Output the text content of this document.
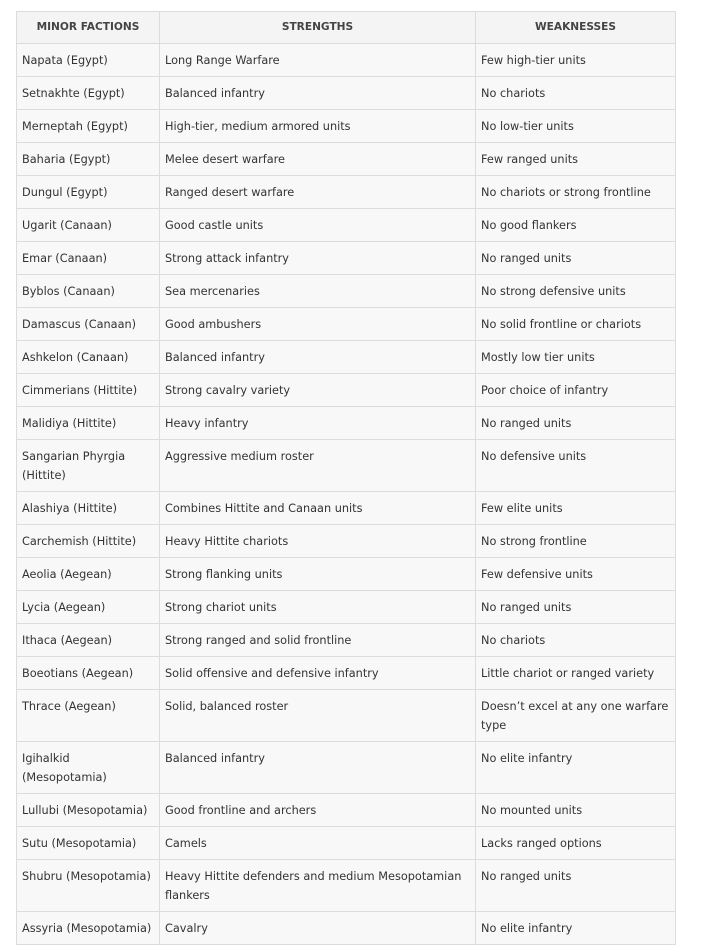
MINOR FACTIONS	STRENGTHS	WEAKNESSES
Napata (Egypt)	Long Range Warfare	Few high-tier units
Setnakhte (Egypt)	Balanced infantry	No chariots
Merneptah (Egypt)	High-tier, medium armored units	No low-tier units
Baharia (Egypt)	Melee desert warfare	Few ranged units
Dungul (Egypt)	Ranged desert warfare	No chariots or strong frontline
Ugarit (Canaan)	Good castle units	No good flankers
Emar (Canaan)	Strong attack infantry	No ranged units
Byblos (Canaan)	Sea mercenaries	No strong defensive units
Damascus (Canaan)	Good ambushers	No solid frontline or chariots
Ashkelon (Canaan)	Balanced infantry	Mostly low tier units
Cimmerians (Hittite)	Strong cavalry variety	Poor choice of infantry
Malidiya (Hittite)	Heavy infantry	No ranged units
Sangarian Phyrgia (Hittite)	Aggressive medium roster	No defensive units
Alashiya (Hittite)	Combines Hittite and Canaan units	Few elite units
Carchemish (Hittite)	Heavy Hittite chariots	No strong frontline
Aeolia (Aegean)	Strong flanking units	Few defensive units
Lycia (Aegean)	Strong chariot units	No ranged units
Ithaca (Aegean)	Strong ranged and solid frontline	No chariots
Boeotians (Aegean)	Solid offensive and defensive infantry	Little chariot or ranged variety
Thrace (Aegean)	Solid, balanced roster	Doesn’t excel at any one warfare type
Igihalkid (Mesopotamia)	Balanced infantry	No elite infantry
Lullubi (Mesopotamia)	Good frontline and archers	No mounted units
Sutu (Mesopotamia)	Camels	Lacks ranged options
Shubru (Mesopotamia)	Heavy Hittite defenders and medium Mesopotamian flankers	No ranged units
Assyria (Mesopotamia)	Cavalry	No elite infantry
